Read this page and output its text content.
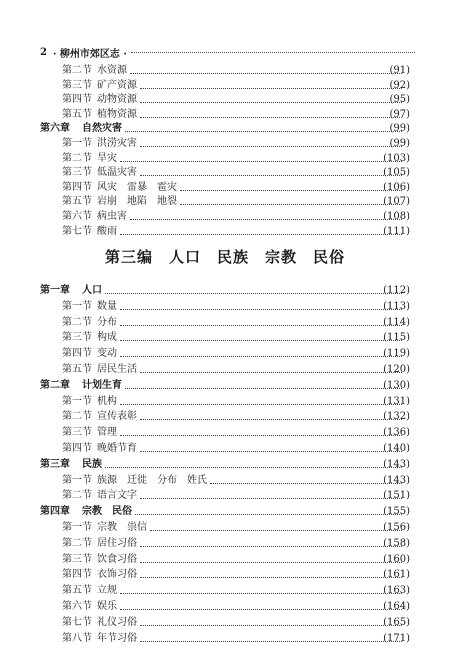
2 · 柳州市郊区志 ·
第二节 水资源	(91)
第三节 矿产资源	(92)
第四节 动物资源	(95)
第五节 植物资源	(97)
第六章 自然灾害	(99)
第一节 洪涝灾害	(99)
第二节 旱灾	(103)
第三节 低温灾害	(105)
第四节 风灾　雷暴　雹灾	(106)
第五节 岩崩　地陷　地裂	(107)
第六节 病虫害	(108)
第七节 酸雨	(111)
第三编　人口　民族　宗教　民俗
第一章 人口	(112)
第一节 数量	(113)
第二节 分布	(114)
第三节 构成	(115)
第四节 变动	(119)
第五节 居民生活	(120)
第二章 计划生育	(130)
第一节 机构	(131)
第二节 宣传表彰	(132)
第三节 管理	(136)
第四节 晚婚节育	(140)
第三章 民族	(143)
第一节 族源　迁徙　分布　姓氏	(143)
第二节 语言文字	(151)
第四章 宗教　民俗	(155)
第一节 宗教　祟信	(156)
第二节 居住习俗	(158)
第三节 饮食习俗	(160)
第四节 衣饰习俗	(161)
第五节 立规	(163)
第六节 娱乐	(164)
第七节 礼仪习俗	(165)
第八节 年节习俗	(171)
